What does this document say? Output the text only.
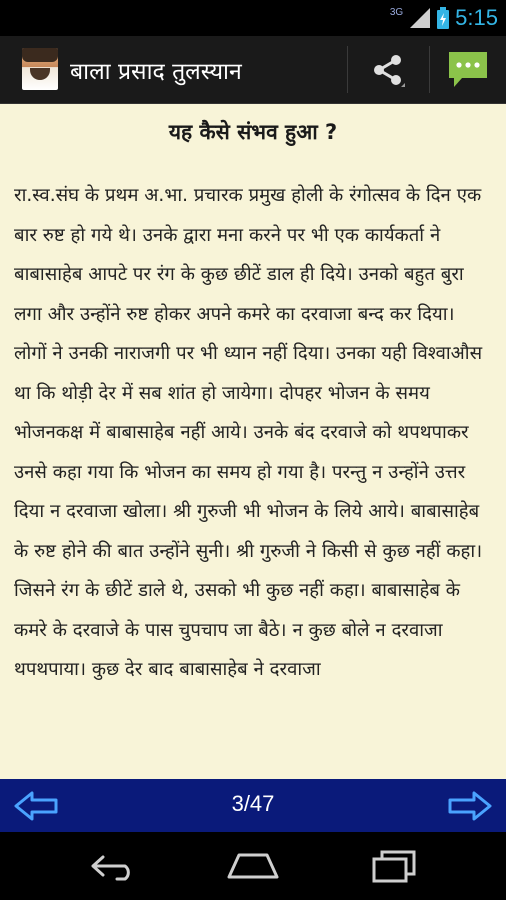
3G 5:15
बाला प्रसाद तुलस्यान
यह कैसे संभव हुआ ?

रा.स्व.संघ के प्रथम अ.भा. प्रचारक प्रमुख होली के रंगोत्सव के दिन एक बार रुष्ट हो गये थे। उनके द्वारा मना करने पर भी एक कार्यकर्ता ने बाबासाहेब आपटे पर रंग के कुछ छीटें डाल ही दिये। उनको बहुत बुरा लगा और उन्होंने रुष्ट होकर अपने कमरे का दरवाजा बन्द कर दिया।

लोगों ने उनकी नाराजगी पर भी ध्यान नहीं दिया। उनका यही विश्वाऔस था कि थोड़ी देर में सब शांत हो जायेगा। दोपहर भोजन के समय भोजनकक्ष में बाबासाहेब नहीं आये। उनके बंद दरवाजे को थपथपाकर उनसे कहा गया कि भोजन का समय हो गया है। परन्तु न उन्होंने उत्तर दिया न दरवाजा खोला। श्री गुरुजी भी भोजन के लिये आये। बाबासाहेब के रुष्ट होने की बात उन्होंने सुनी। श्री गुरुजी ने किसी से कुछ नहीं कहा। जिसने रंग के छीटें डाले थे, उसको भी कुछ नहीं कहा। बाबासाहेब के कमरे के दरवाजे के पास चुपचाप जा बैठे। न कुछ बोले न दरवाजा थपथपाया। कुछ देर बाद बाबासाहेब ने दरवाजा

3/47
